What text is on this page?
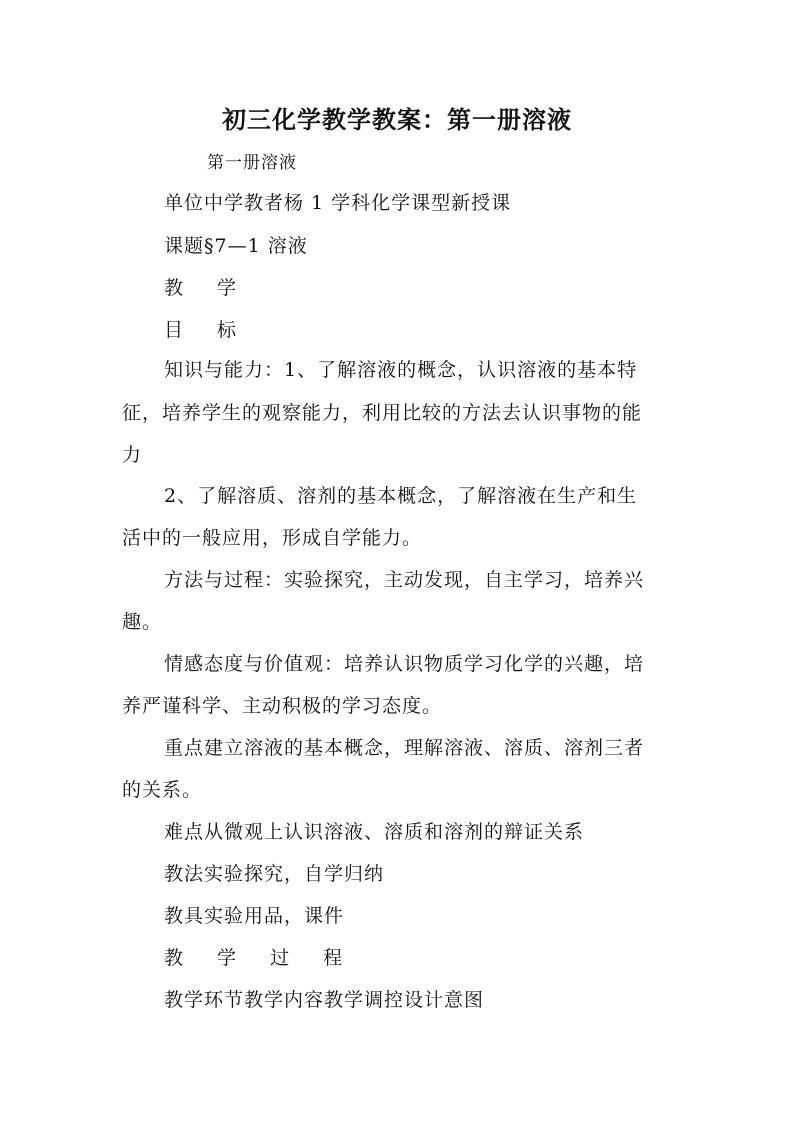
初三化学教学教案：第一册溶液
第一册溶液
单位中学教者杨 1 学科化学课型新授课
课题§7—1 溶液
教 学
目 标
知识与能力：1、了解溶液的概念，认识溶液的基本特
征，培养学生的观察能力，利用比较的方法去认识事物的能
力
2、了解溶质、溶剂的基本概念，了解溶液在生产和生
活中的一般应用，形成自学能力。
方法与过程：实验探究，主动发现，自主学习，培养兴
趣。
情感态度与价值观：培养认识物质学习化学的兴趣，培
养严谨科学、主动积极的学习态度。
重点建立溶液的基本概念，理解溶液、溶质、溶剂三者
的关系。
难点从微观上认识溶液、溶质和溶剂的辩证关系
教法实验探究，自学归纳
教具实验用品，课件
教 学 过 程
教学环节教学内容教学调控设计意图
